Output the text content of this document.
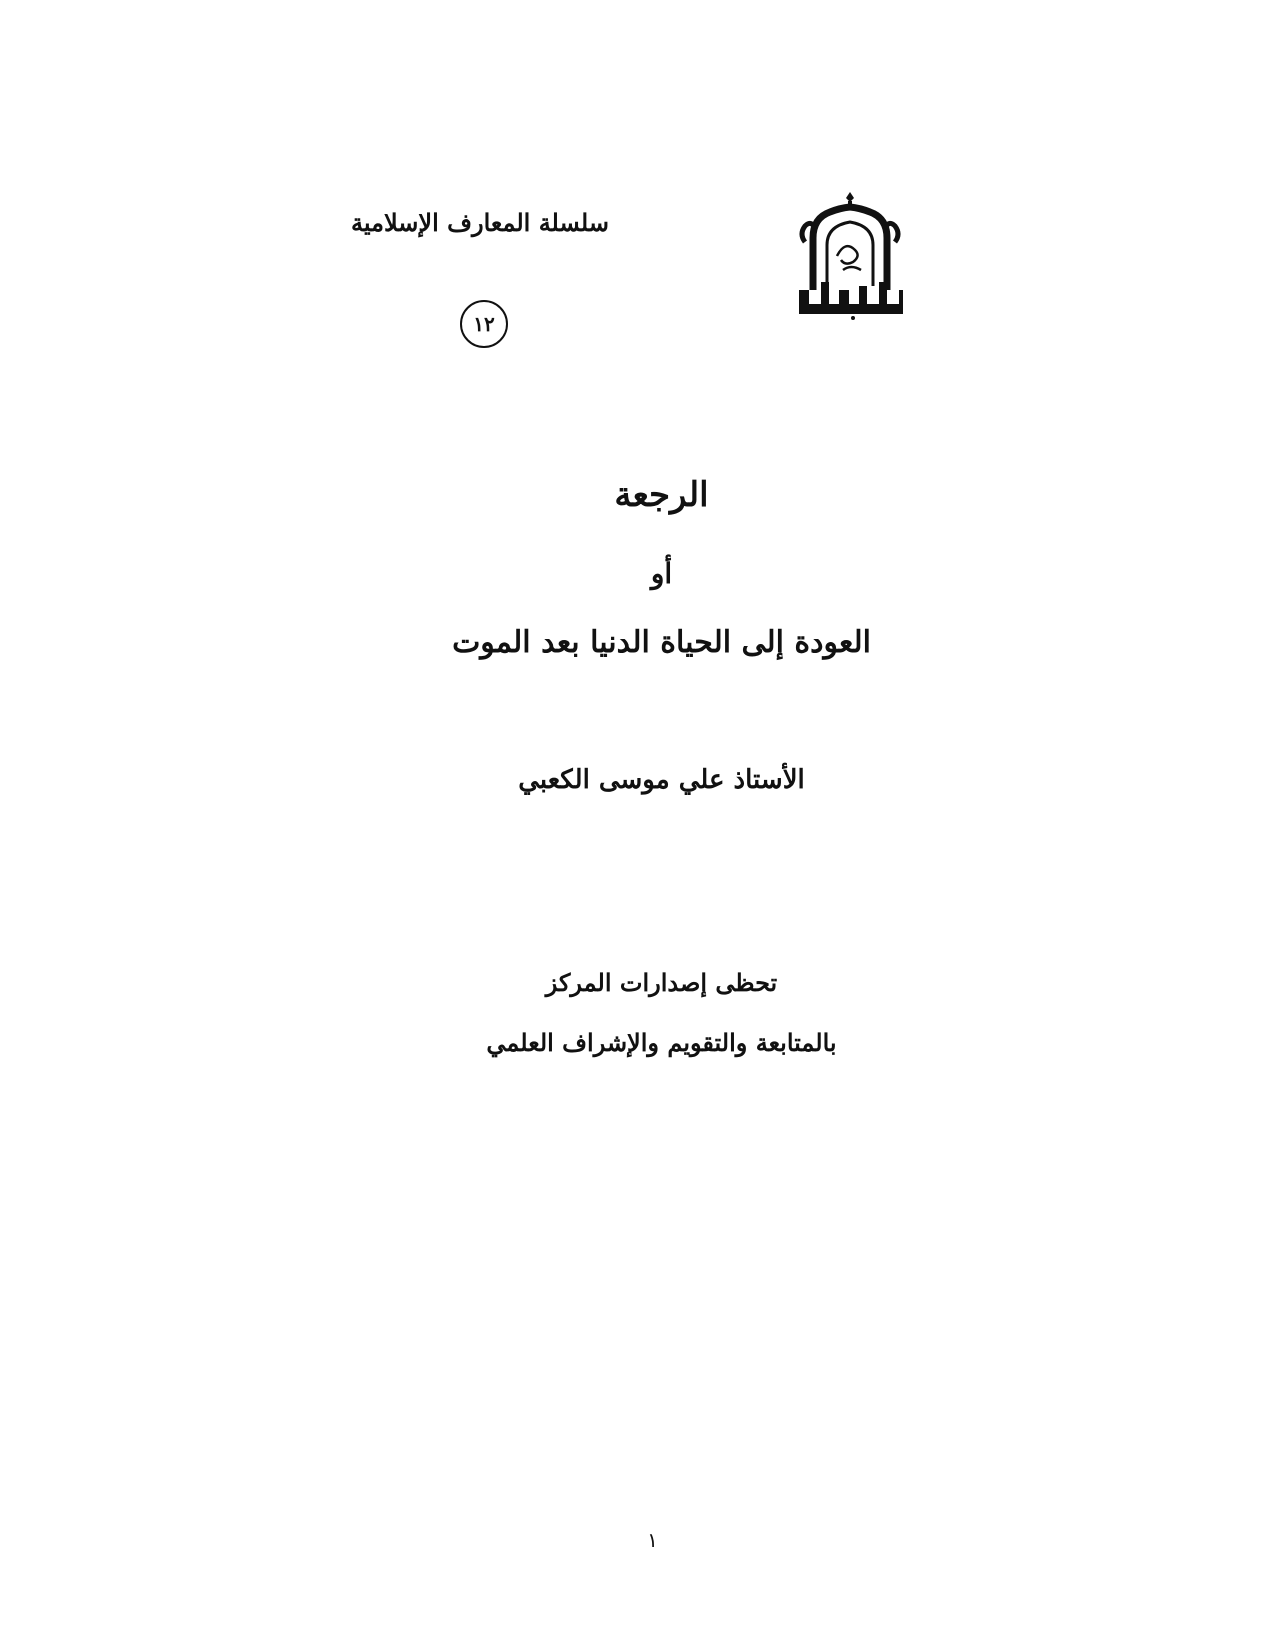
سلسلة المعارف الإسلامية
١٢
الرجعة
أو
العودة إلى الحياة الدنيا بعد الموت
الأستاذ علي موسى الكعبي
تحظى إصدارات المركز
بالمتابعة والتقويم والإشراف العلمي
١
